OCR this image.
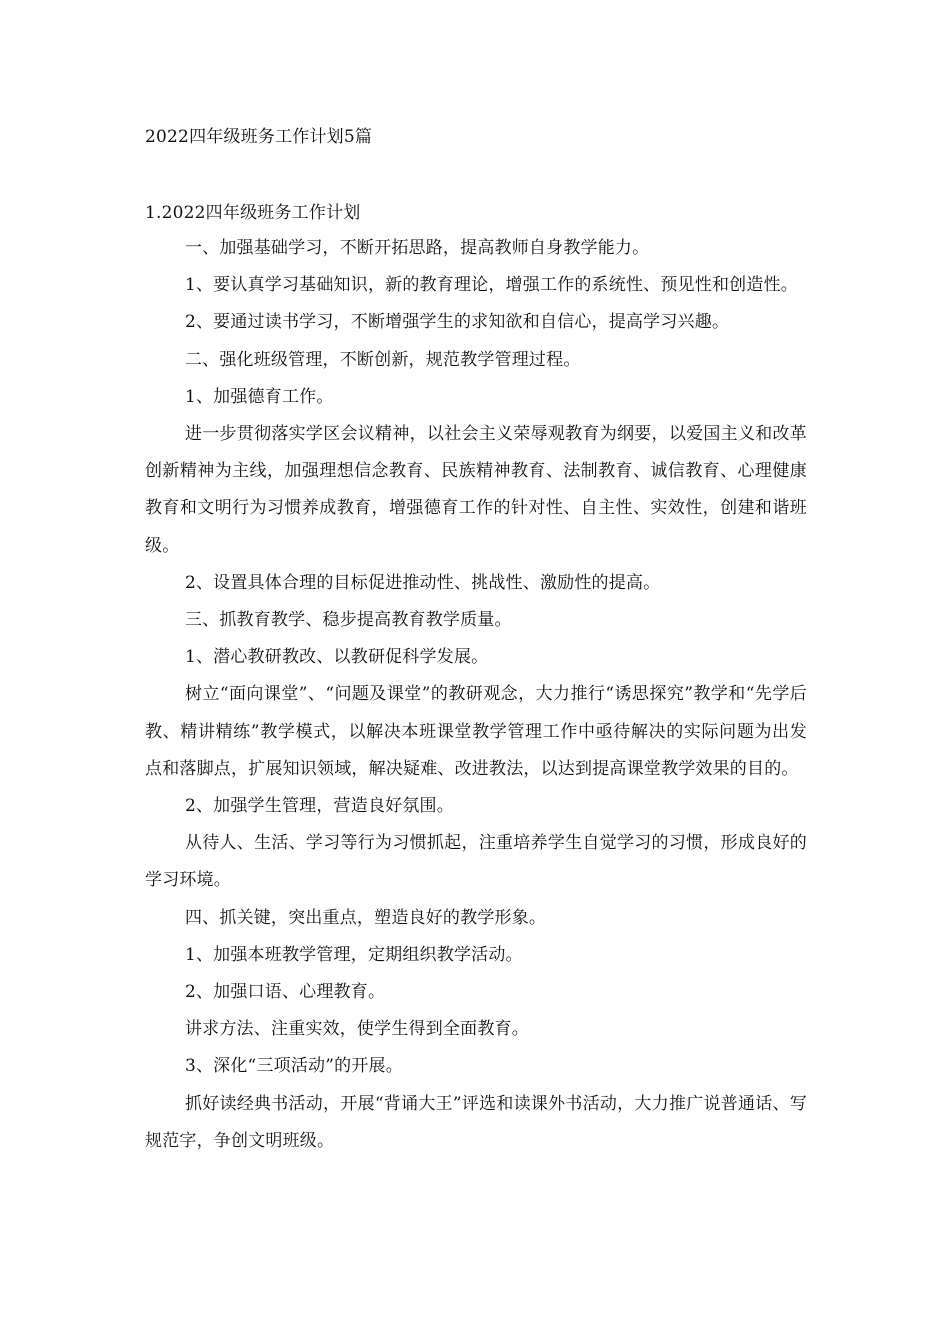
2022四年级班务工作计划5篇
1.2022四年级班务工作计划

一、加强基础学习，不断开拓思路，提高教师自身教学能力。

1、要认真学习基础知识，新的教育理论，增强工作的系统性、预见性和创造性。

2、要通过读书学习，不断增强学生的求知欲和自信心，提高学习兴趣。

二、强化班级管理，不断创新，规范教学管理过程。

1、加强德育工作。

进一步贯彻落实学区会议精神，以社会主义荣辱观教育为纲要，以爱国主义和改革创新精神为主线，加强理想信念教育、民族精神教育、法制教育、诚信教育、心理健康教育和文明行为习惯养成教育，增强德育工作的针对性、自主性、实效性，创建和谐班级。

2、设置具体合理的目标促进推动性、挑战性、激励性的提高。

三、抓教育教学、稳步提高教育教学质量。

1、潜心教研教改、以教研促科学发展。

树立“面向课堂”、“问题及课堂”的教研观念，大力推行“诱思探究”教学和“先学后教、精讲精练”教学模式，以解决本班课堂教学管理工作中亟待解决的实际问题为出发点和落脚点，扩展知识领域，解决疑难、改进教法，以达到提高课堂教学效果的目的。

2、加强学生管理，营造良好氛围。

从待人、生活、学习等行为习惯抓起，注重培养学生自觉学习的习惯，形成良好的学习环境。

四、抓关键，突出重点，塑造良好的教学形象。

1、加强本班教学管理，定期组织教学活动。

2、加强口语、心理教育。

讲求方法、注重实效，使学生得到全面教育。

3、深化“三项活动”的开展。

抓好读经典书活动，开展“背诵大王”评选和读课外书活动，大力推广说普通话、写规范字，争创文明班级。
